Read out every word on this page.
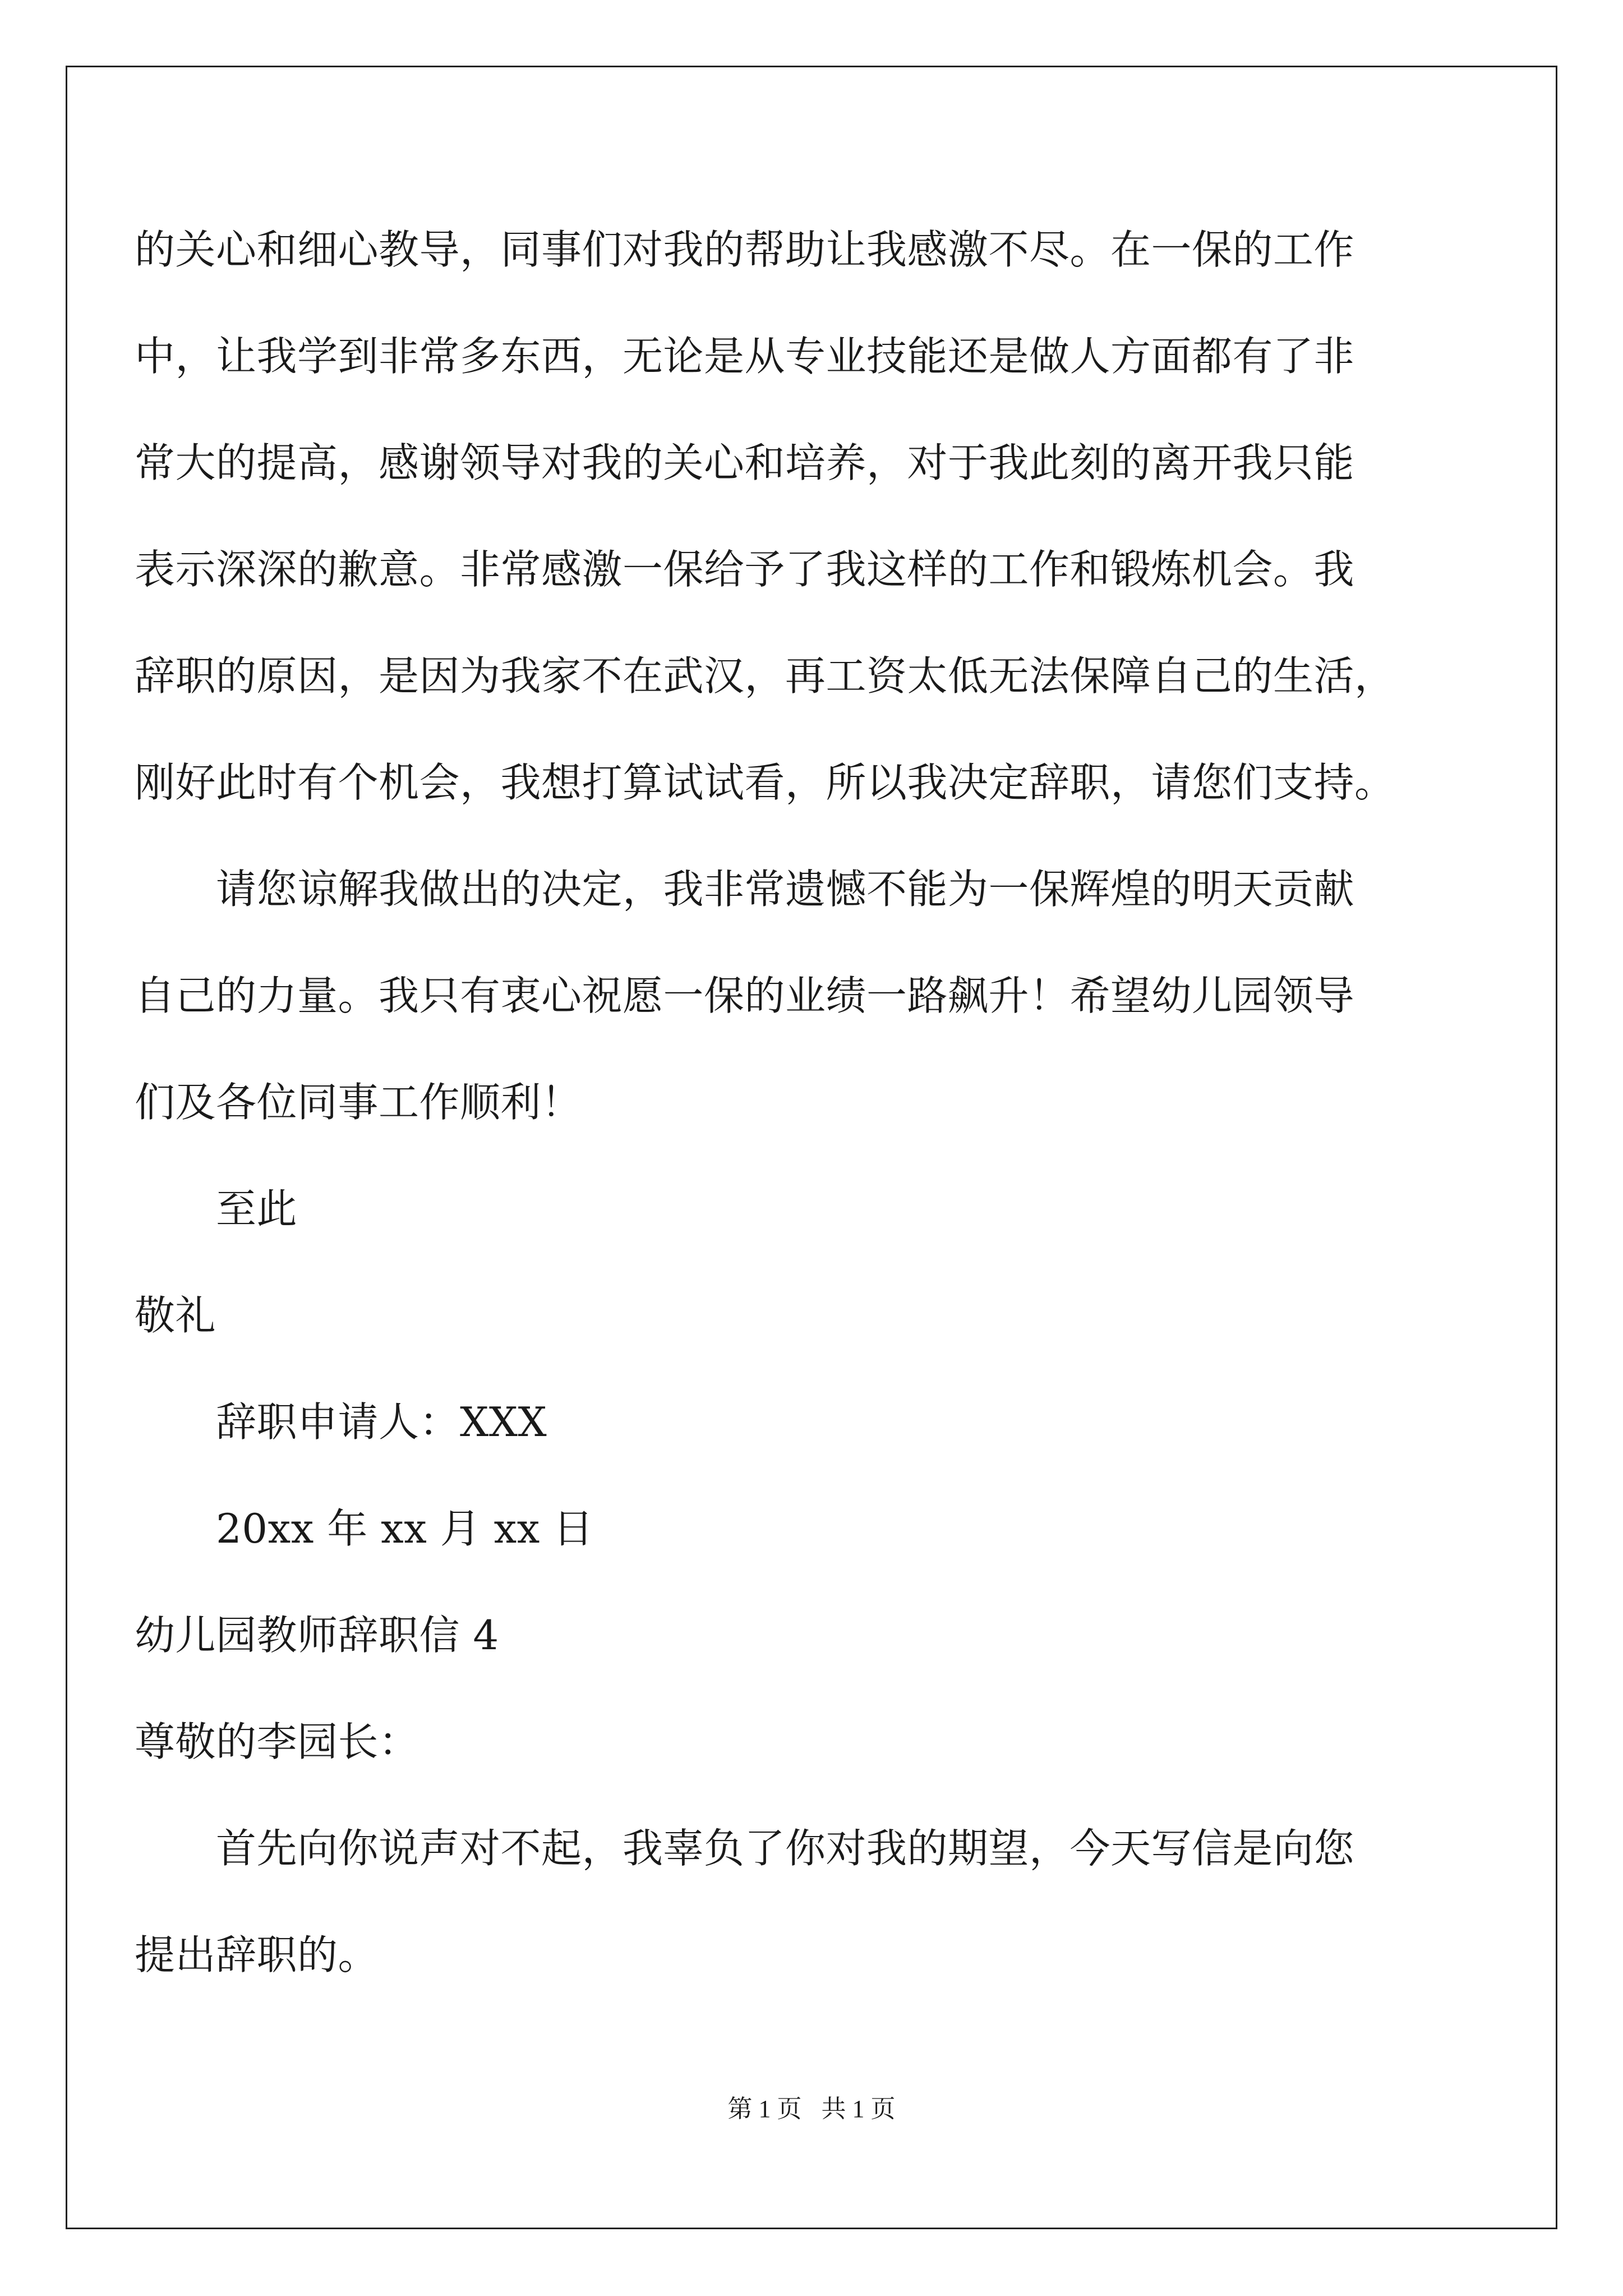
的关心和细心教导，同事们对我的帮助让我感激不尽。在一保的工作
中，让我学到非常多东西，无论是从专业技能还是做人方面都有了非
常大的提高，感谢领导对我的关心和培养，对于我此刻的离开我只能
表示深深的歉意。非常感激一保给予了我这样的工作和锻炼机会。我
辞职的原因，是因为我家不在武汉，再工资太低无法保障自己的生活，
刚好此时有个机会，我想打算试试看，所以我决定辞职，请您们支持。
请您谅解我做出的决定，我非常遗憾不能为一保辉煌的明天贡献
自己的力量。我只有衷心祝愿一保的业绩一路飙升！希望幼儿园领导
们及各位同事工作顺利！
至此
敬礼
辞职申请人：XXX
20xx 年 xx 月 xx 日
幼儿园教师辞职信 4
尊敬的李园长：
首先向你说声对不起，我辜负了你对我的期望，今天写信是向您
提出辞职的。
第 1 页 共 1 页
